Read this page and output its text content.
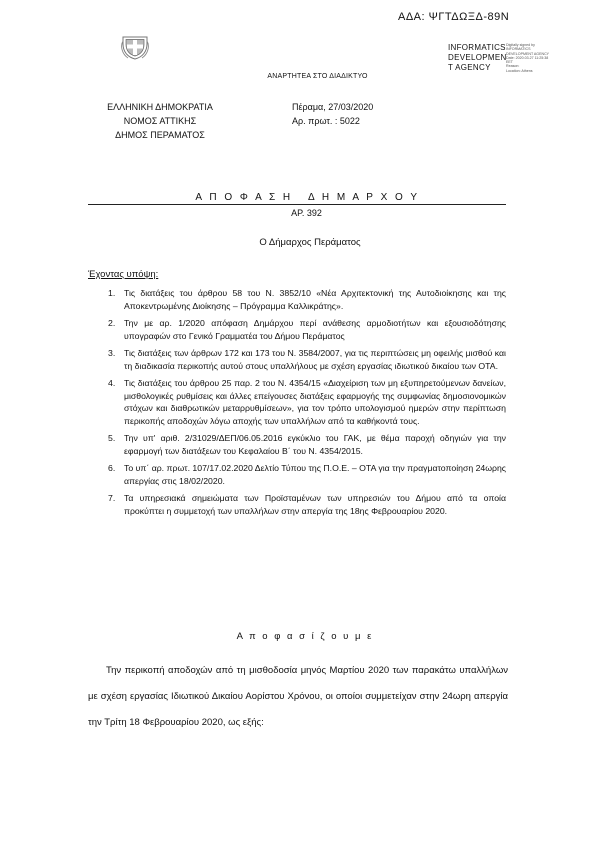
ΑΔΑ: ΨΓΤΔΩΞΔ-89Ν
INFORMATICS
DEVELOPMEN
T AGENCY
Digitally signed by
INFORMATICS
DEVELOPMENT AGENCY
Date: 2020.03.27 11:25:38
EET
Reason:
Location: Athens
ΑΝΑΡΤΗΤΕΑ ΣΤΟ ΔΙΑΔΙΚΤΥΟ
ΕΛΛΗΝΙΚΗ ΔΗΜΟΚΡΑΤΙΑ
ΝΟΜΟΣ ΑΤΤΙΚΗΣ
ΔΗΜΟΣ ΠΕΡΑΜΑΤΟΣ
Πέραμα, 27/03/2020
Αρ. πρωτ. : 5022
Α Π Ο Φ Α Σ Η   Δ Η Μ Α Ρ Χ Ο Υ
ΑΡ. 392
Ο Δήμαρχος Περάματος
Έχοντας υπόψη:
1. Τις διατάξεις του άρθρου 58 του Ν. 3852/10 «Νέα Αρχιτεκτονική της Αυτοδιοίκησης και της Αποκεντρωμένης Διοίκησης – Πρόγραμμα Καλλικράτης».
2. Την με αρ. 1/2020 απόφαση Δημάρχου περί ανάθεσης αρμοδιοτήτων και εξουσιοδότησης υπογραφών στο Γενικό Γραμματέα του Δήμου Περάματος
3. Τις διατάξεις των άρθρων 172 και 173 του Ν. 3584/2007, για τις περιπτώσεις μη οφειλής μισθού και τη διαδικασία περικοπής αυτού στους υπαλλήλους με σχέση εργασίας ιδιωτικού δικαίου των ΟΤΑ.
4. Τις διατάξεις του άρθρου 25 παρ. 2 του Ν. 4354/15 «Διαχείριση των μη εξυπηρετούμενων δανείων, μισθολογικές ρυθμίσεις και άλλες επείγουσες διατάξεις εφαρμογής της συμφωνίας δημοσιονομικών στόχων και διαθρωτικών μεταρρυθμίσεων», για τον τρόπο υπολογισμού ημερών στην περίπτωση περικοπής αποδοχών λόγω αποχής των υπαλλήλων από τα καθήκοντά τους.
5. Την υπ' αριθ. 2/31029/ΔΕΠ/06.05.2016 εγκύκλιο του ΓΑΚ, με θέμα παροχή οδηγιών για την εφαρμογή των διατάξεων του Κεφαλαίου Β΄ του Ν. 4354/2015.
6. Το υπ΄ αρ. πρωτ. 107/17.02.2020 Δελτίο Τύπου της Π.Ο.Ε. – ΟΤΑ για την πραγματοποίηση 24ωρης απεργίας στις 18/02/2020.
7. Τα υπηρεσιακά σημειώματα των Προϊσταμένων των υπηρεσιών του Δήμου από τα οποία προκύπτει η συμμετοχή των υπαλλήλων στην απεργία της 18ης Φεβρουαρίου 2020.
Α π ο φ α σ ί ζ ο υ μ ε
Την περικοπή αποδοχών από τη μισθοδοσία μηνός Μαρτίου 2020 των παρακάτω υπαλλήλων με σχέση εργασίας Ιδιωτικού Δικαίου Αορίστου Χρόνου, οι οποίοι συμμετείχαν στην 24ωρη απεργία την Τρίτη 18 Φεβρουαρίου 2020, ως εξής:
